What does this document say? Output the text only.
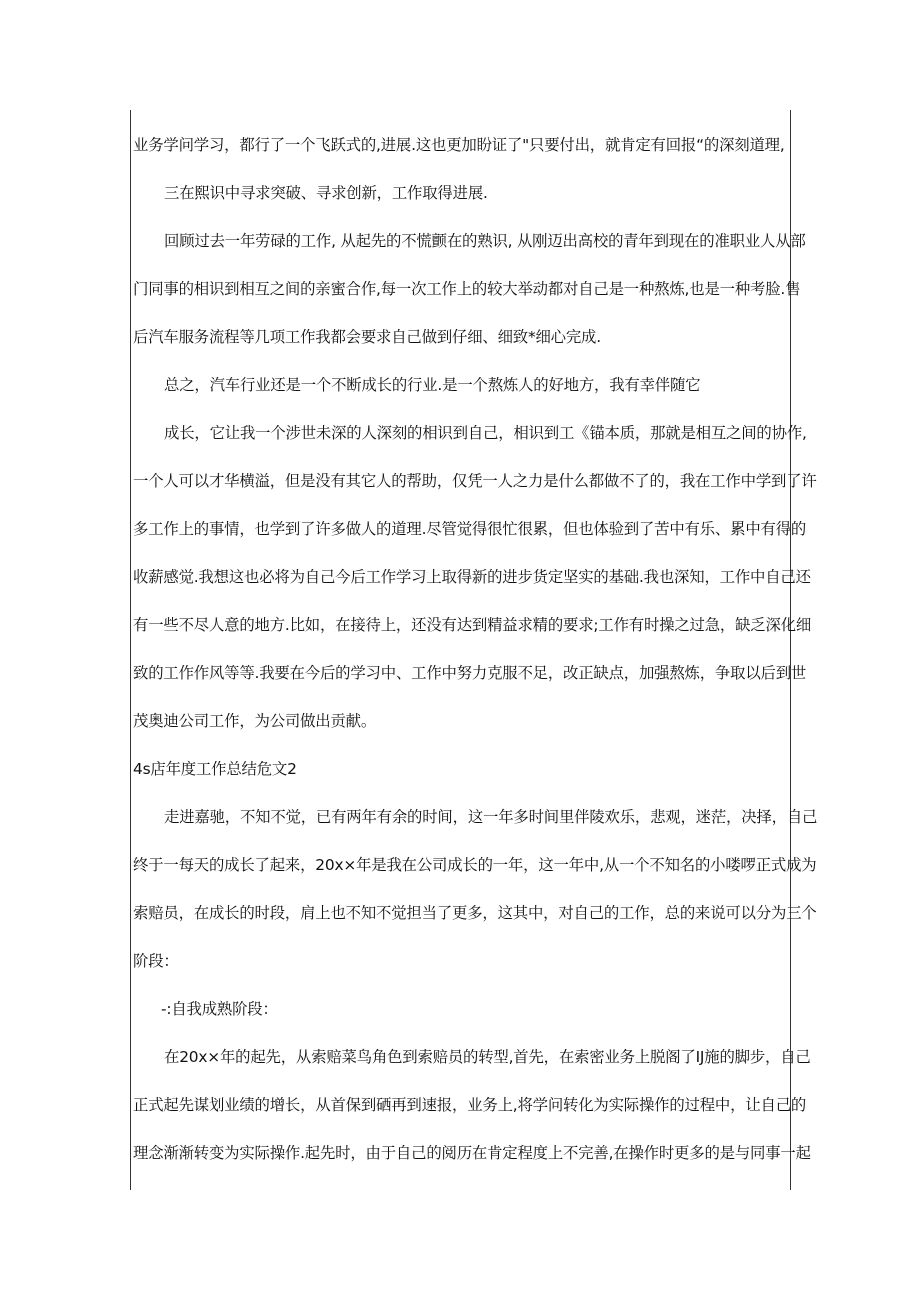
业务学问学习，都行了一个飞跃式的,进展.这也更加盼证了"只要付出，就肯定有回报“的深刻道理,
三在熙识中寻求突破、寻求创新，工作取得进展.
回顾过去一年劳碌的工作, 从起先的不慌颤在的熟识, 从刚迈出高校的青年到现在的准职业人从部
门同事的相识到相互之间的亲蜜合作,每一次工作上的较大举动都对自己是一种熬炼,也是一种考脸.售
后汽车服务流程等几项工作我都会要求自己做到仔细、细致*细心完成.
总之，汽车行业还是一个不断成长的行业.是一个熬炼人的好地方，我有幸伴随它
成长，它让我一个涉世未深的人深刻的相识到自己，相识到工《锚本质，那就是相互之间的协作,
一个人可以才华横溢，但是没有其它人的帮助，仅凭一人之力是什么都做不了的，我在工作中学到了许
多工作上的事情，也学到了许多做人的道理.尽管觉得很忙很累，但也体验到了苦中有乐、累中有得的
收薪感觉.我想这也必将为自己今后工作学习上取得新的进步货定坚实的基础.我也深知，工作中自己还
有一些不尽人意的地方.比如，在接待上，还没有达到精益求精的要求;工作有时操之过急，缺乏深化细
致的工作作风等等.我要在今后的学习中、工作中努力克服不足，改正缺点，加强熬炼，争取以后到世
茂奥迪公司工作，为公司做出贡献。
4s店年度工作总结危文2
走进嘉驰，不知不觉，已有两年有余的时间，这一年多时间里伴陵欢乐，悲观，迷茫，决择，自己
终于一每天的成长了起来，20x×年是我在公司成长的一年，这一年中,从一个不知名的小喽啰正式成为
索赔员，在成长的时段，肩上也不知不觉担当了更多，这其中，对自己的工作，总的来说可以分为三个
阶段：
-:自我成熟阶段：
在20x×年的起先，从索赔菜鸟角色到索赔员的转型,首先，在索密业务上脱阁了IJ施的脚步，自己
正式起先谋划业绩的增长，从首保到硒再到速报，业务上,将学问转化为实际操作的过程中，让自己的
理念渐渐转变为实际操作.起先时，由于自己的阅历在肯定程度上不完善,在操作时更多的是与同事一起
